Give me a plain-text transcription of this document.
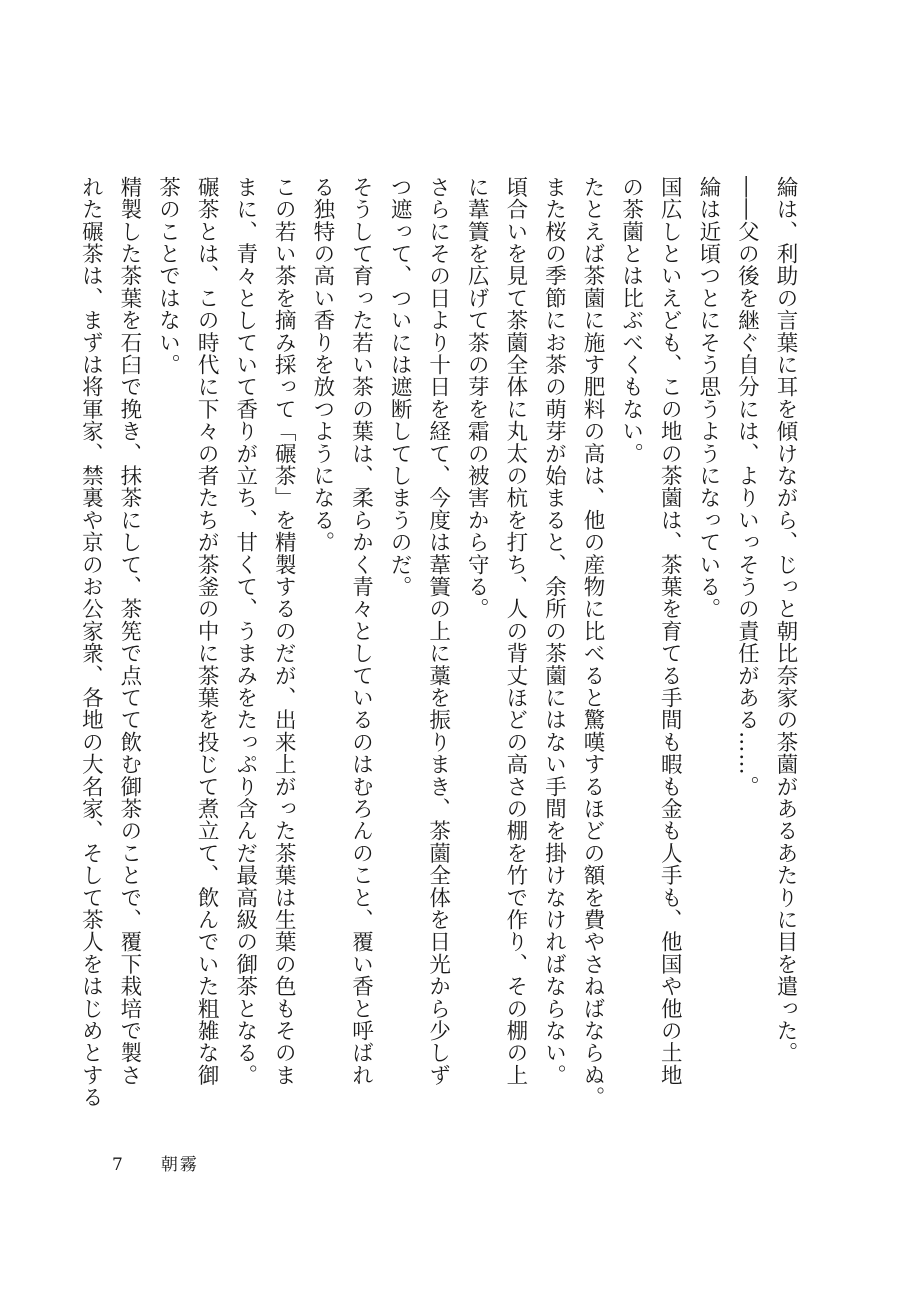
綸は、利助の言葉に耳を傾けながら、じっと朝比奈家の茶薗があるあたりに目を遣った。

――父の後を継ぐ自分には、よりいっそうの責任がある……。

綸は近頃つとにそう思うようになっている。

国広しといえども、この地の茶薗は、茶葉を育てる手間も暇も金も人手も、他国や他の土地

の茶薗とは比ぶべくもない。

たとえば茶薗に施す肥料の高は、他の産物に比べると驚嘆するほどの額を費やさねばならぬ。

また桜の季節にお茶の萌芽が始まると、余所の茶薗にはない手間を掛けなければならない。

頃合いを見て茶薗全体に丸太の杭を打ち、人の背丈ほどの高さの棚を竹で作り、その棚の上

に葦簀を広げて茶の芽を霜の被害から守る。

さらにその日より十日を経て、今度は葦簀の上に藁を振りまき、茶薗全体を日光から少しず

つ遮って、ついには遮断してしまうのだ。

そうして育った若い茶の葉は、柔らかく青々としているのはむろんのこと、覆い香と呼ばれ

る独特の高い香りを放つようになる。

この若い茶を摘み採って「碾茶」を精製するのだが、出来上がった茶葉は生葉の色もそのま

まに、青々としていて香りが立ち、甘くて、うまみをたっぷり含んだ最高級の御茶となる。

碾茶とは、この時代に下々の者たちが茶釜の中に茶葉を投じて煮立て、飲んでいた粗雑な御

茶のことではない。

精製した茶葉を石臼で挽き、抹茶にして、茶筅で点てて飲む御茶のことで、覆下栽培で製さ

れた碾茶は、まずは将軍家、禁裏や京のお公家衆、各地の大名家、そして茶人をはじめとする

7 朝霧
